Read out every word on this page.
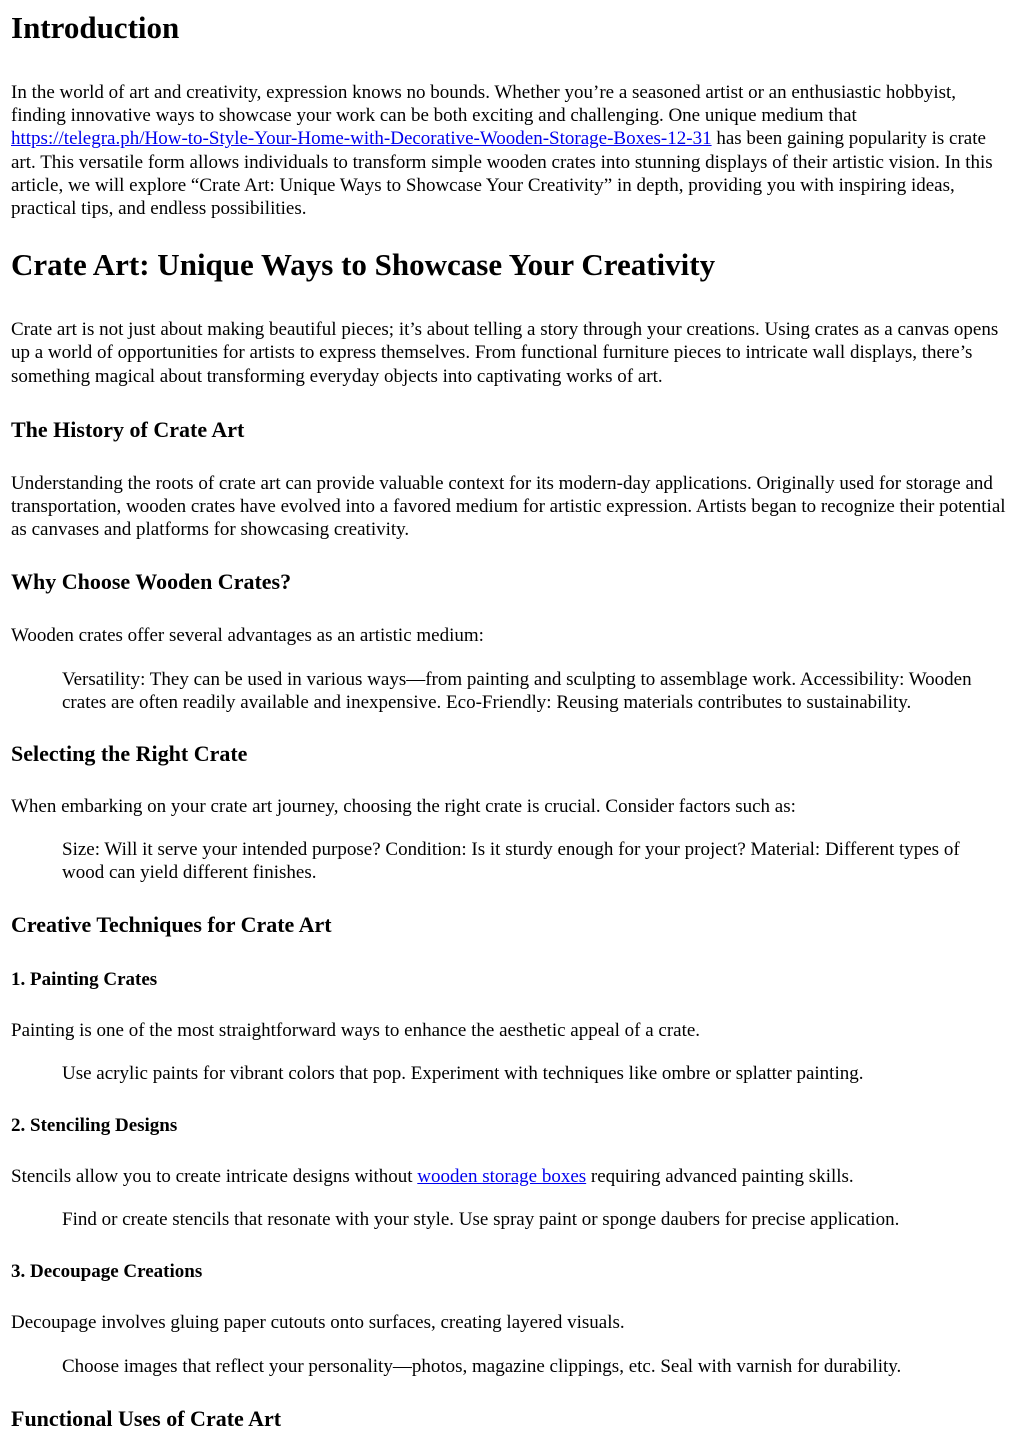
Introduction

In the world of art and creativity, expression knows no bounds. Whether you’re a seasoned artist or an enthusiastic hobbyist, finding innovative ways to showcase your work can be both exciting and challenging. One unique medium that https://telegra.ph/How-to-Style-Your-Home-with-Decorative-Wooden-Storage-Boxes-12-31 has been gaining popularity is crate art. This versatile form allows individuals to transform simple wooden crates into stunning displays of their artistic vision. In this article, we will explore “Crate Art: Unique Ways to Showcase Your Creativity” in depth, providing you with inspiring ideas, practical tips, and endless possibilities.

Crate Art: Unique Ways to Showcase Your Creativity

Crate art is not just about making beautiful pieces; it’s about telling a story through your creations. Using crates as a canvas opens up a world of opportunities for artists to express themselves. From functional furniture pieces to intricate wall displays, there’s something magical about transforming everyday objects into captivating works of art.

The History of Crate Art

Understanding the roots of crate art can provide valuable context for its modern-day applications. Originally used for storage and transportation, wooden crates have evolved into a favored medium for artistic expression. Artists began to recognize their potential as canvases and platforms for showcasing creativity.

Why Choose Wooden Crates?

Wooden crates offer several advantages as an artistic medium:

Versatility: They can be used in various ways—from painting and sculpting to assemblage work. Accessibility: Wooden crates are often readily available and inexpensive. Eco-Friendly: Reusing materials contributes to sustainability.

Selecting the Right Crate

When embarking on your crate art journey, choosing the right crate is crucial. Consider factors such as:

Size: Will it serve your intended purpose? Condition: Is it sturdy enough for your project? Material: Different types of wood can yield different finishes.

Creative Techniques for Crate Art
1. Painting Crates

Painting is one of the most straightforward ways to enhance the aesthetic appeal of a crate.

Use acrylic paints for vibrant colors that pop. Experiment with techniques like ombre or splatter painting.

2. Stenciling Designs

Stencils allow you to create intricate designs without wooden storage boxes requiring advanced painting skills.

Find or create stencils that resonate with your style. Use spray paint or sponge daubers for precise application.

3. Decoupage Creations

Decoupage involves gluing paper cutouts onto surfaces, creating layered visuals.

Choose images that reflect your personality—photos, magazine clippings, etc. Seal with varnish for durability.

Functional Uses of Crate Art
